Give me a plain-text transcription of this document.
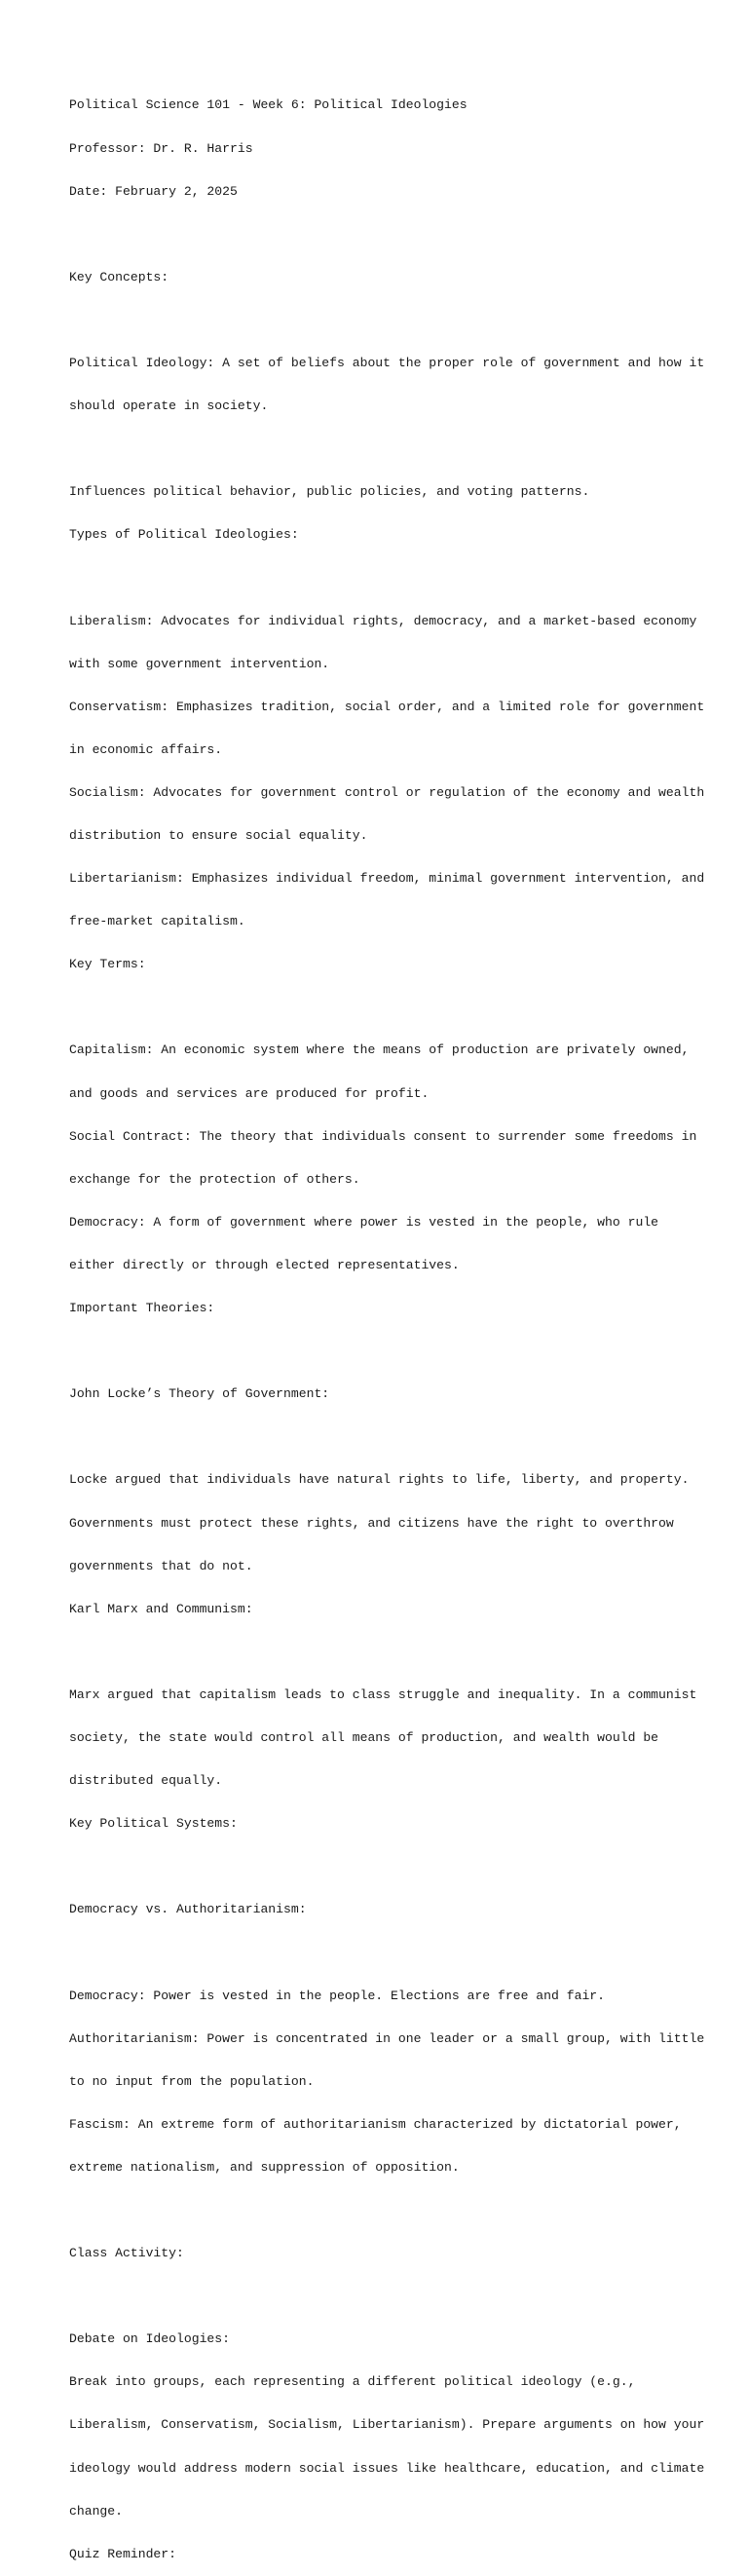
Political Science 101 - Week 6: Political Ideologies

Professor: Dr. R. Harris

Date: February 2, 2025

Key Concepts:

Political Ideology: A set of beliefs about the proper role of government and how it

should operate in society.

Influences political behavior, public policies, and voting patterns.

Types of Political Ideologies:

Liberalism: Advocates for individual rights, democracy, and a market-based economy

with some government intervention.

Conservatism: Emphasizes tradition, social order, and a limited role for government

in economic affairs.

Socialism: Advocates for government control or regulation of the economy and wealth

distribution to ensure social equality.

Libertarianism: Emphasizes individual freedom, minimal government intervention, and

free-market capitalism.

Key Terms:

Capitalism: An economic system where the means of production are privately owned,

and goods and services are produced for profit.

Social Contract: The theory that individuals consent to surrender some freedoms in

exchange for the protection of others.

Democracy: A form of government where power is vested in the people, who rule

either directly or through elected representatives.

Important Theories:

John Locke’s Theory of Government:

Locke argued that individuals have natural rights to life, liberty, and property.

Governments must protect these rights, and citizens have the right to overthrow

governments that do not.

Karl Marx and Communism:

Marx argued that capitalism leads to class struggle and inequality. In a communist

society, the state would control all means of production, and wealth would be

distributed equally.

Key Political Systems:

Democracy vs. Authoritarianism:

Democracy: Power is vested in the people. Elections are free and fair.

Authoritarianism: Power is concentrated in one leader or a small group, with little

to no input from the population.

Fascism: An extreme form of authoritarianism characterized by dictatorial power,

extreme nationalism, and suppression of opposition.

Class Activity:

Debate on Ideologies:

Break into groups, each representing a different political ideology (e.g.,

Liberalism, Conservatism, Socialism, Libertarianism). Prepare arguments on how your

ideology would address modern social issues like healthcare, education, and climate

change.

Quiz Reminder:
